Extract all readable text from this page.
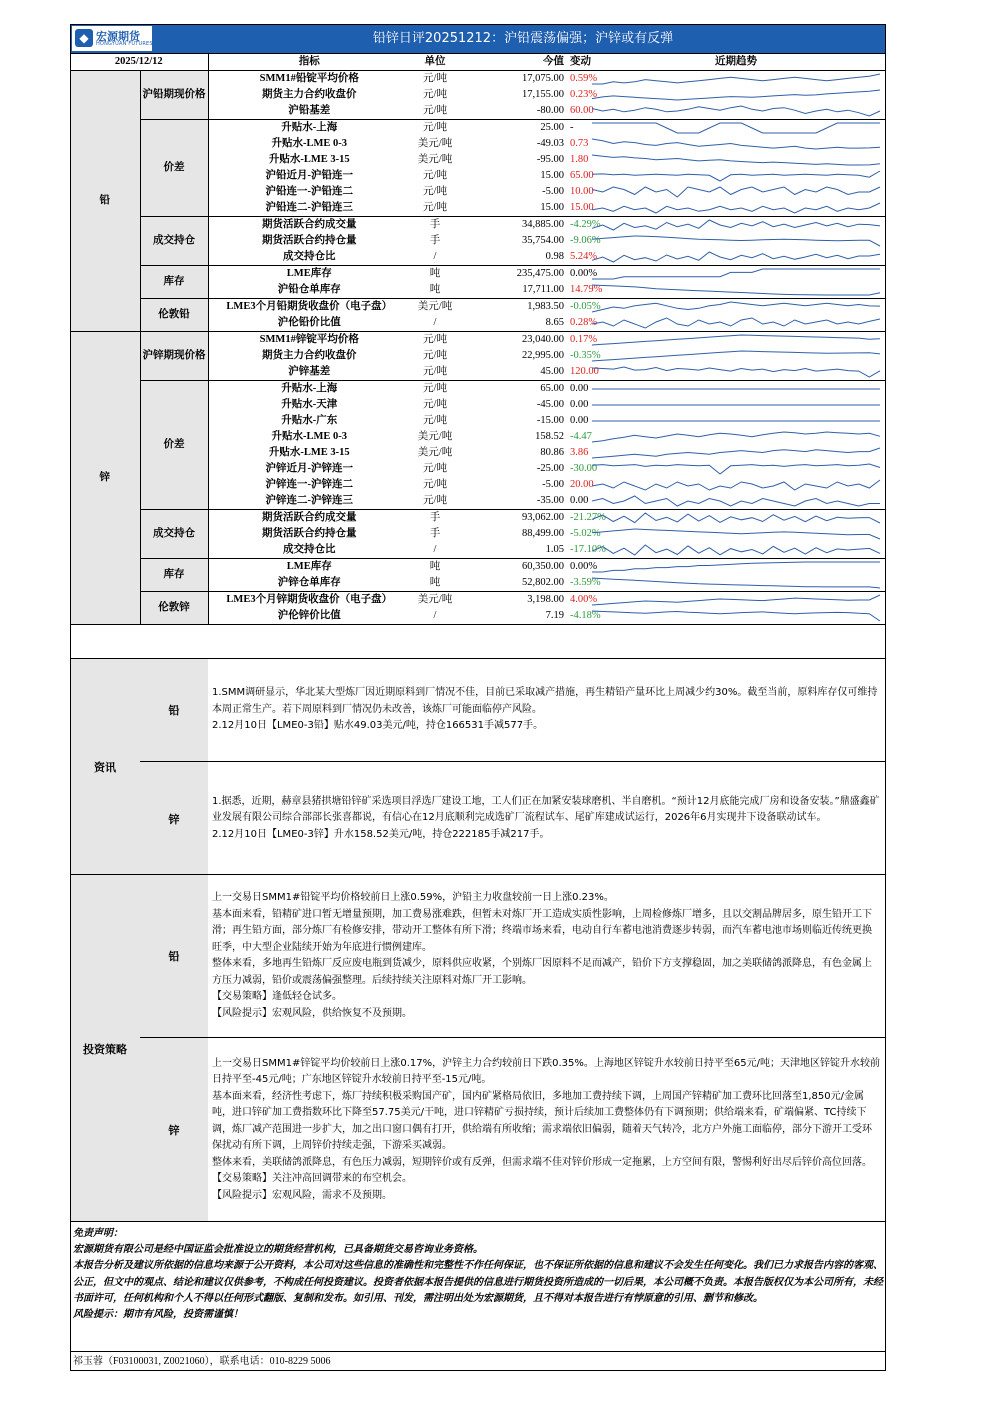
◆ 宏源期货
HONGYUAN FUTURES	铅锌日评20251212：沪铅震荡偏强；沪锌或有反弹
2025/12/12		指标	单位	今值	变动	近期趋势
铅	沪铅期现价格	SMM1#铅锭平均价格	元/吨	17,075.00	0.59%	

		期货主力合约收盘价	元/吨	17,155.00	0.23%	

		沪铅基差	元/吨	-80.00	60.00	

	价差	升贴水-上海	元/吨	25.00	-	

		升贴水-LME 0-3	美元/吨	-49.03	0.73	

		升贴水-LME 3-15	美元/吨	-95.00	1.80	

		沪铅近月-沪铅连一	元/吨	15.00	65.00	

		沪铅连一-沪铅连二	元/吨	-5.00	10.00	

		沪铅连二-沪铅连三	元/吨	15.00	15.00	

	成交持仓	期货活跃合约成交量	手	34,885.00	-4.29%	

		期货活跃合约持仓量	手	35,754.00	-9.06%	

		成交持仓比	/	0.98	5.24%	

	库存	LME库存	吨	235,475.00	0.00%	

		沪铅仓单库存	吨	17,711.00	14.79%	

	伦敦铅	LME3个月铅期货收盘价（电子盘）	美元/吨	1,983.50	-0.05%	

		沪伦铅价比值	/	8.65	0.28%	

锌	沪锌期现价格	SMM1#锌锭平均价格	元/吨	23,040.00	0.17%	

		期货主力合约收盘价	元/吨	22,995.00	-0.35%	

		沪锌基差	元/吨	45.00	120.00	

	价差	升贴水-上海	元/吨	65.00	0.00	

		升贴水-天津	元/吨	-45.00	0.00	

		升贴水-广东	元/吨	-15.00	0.00	

		升贴水-LME 0-3	美元/吨	158.52	-4.47	

		升贴水-LME 3-15	美元/吨	80.86	3.86	

		沪锌近月-沪锌连一	元/吨	-25.00	-30.00	

		沪锌连一-沪锌连二	元/吨	-5.00	20.00	

		沪锌连二-沪锌连三	元/吨	-35.00	0.00	

	成交持仓	期货活跃合约成交量	手	93,062.00	-21.27%	

		期货活跃合约持仓量	手	88,499.00	-5.02%	

		成交持仓比	/	1.05	-17.10%	

	库存	LME库存	吨	60,350.00	0.00%	

		沪锌仓单库存	吨	52,802.00	-3.59%	

	伦敦锌	LME3个月锌期货收盘价（电子盘）	美元/吨	3,198.00	4.00%	

		沪伦锌价比值	/	7.19	-4.18%	
资讯
铅

1.SMM调研显示，华北某大型炼厂因近期原料到厂情况不佳，目前已采取减产措施，再生精铅产量环比上周减少约30%。截至当前，原料库存仅可维持本周正常生产。若下周原料到厂情况仍未改善，该炼厂可能面临停产风险。

2.12月10日【LME0-3铅】贴水49.03美元/吨，持仓166531手减577手。

锌

1.据悉，近期，赫章县猪拱塘铅锌矿采选项目浮选厂建设工地，工人们正在加紧安装球磨机、半自磨机。“预计12月底能完成厂房和设备安装。”鼎盛鑫矿业发展有限公司综合部部长张喜都说，有信心在12月底顺利完成选矿厂流程试车、尾矿库建成试运行，2026年6月实现井下设备联动试车。

2.12月10日【LME0-3锌】升水158.52美元/吨，持仓222185手减217手。

投资策略
铅

上一交易日SMM1#铅锭平均价格较前日上涨0.59%，沪铅主力收盘较前一日上涨0.23%。

基本面来看，铅精矿进口暂无增量预期，加工费易涨难跌，但暂未对炼厂开工造成实质性影响，上周检修炼厂增多，且以交割品牌居多，原生铅开工下滑；再生铅方面，部分炼厂有检修安排，带动开工整体有所下滑；终端市场来看，电动自行车蓄电池消费逐步转弱，而汽车蓄电池市场则临近传统更换旺季，中大型企业陆续开始为年底进行惯例建库。

整体来看，多地再生铅炼厂反应废电瓶到货减少，原料供应收紧，个别炼厂因原料不足而减产，铅价下方支撑稳固，加之美联储鸽派降息，有色金属上方压力减弱，铅价或震荡偏强整理。后续持续关注原料对炼厂开工影响。

【交易策略】逢低轻仓试多。

【风险提示】宏观风险，供给恢复不及预期。

锌

上一交易日SMM1#锌锭平均价较前日上涨0.17%，沪锌主力合约较前日下跌0.35%。上海地区锌锭升水较前日持平至65元/吨；天津地区锌锭升水较前日持平至-45元/吨；广东地区锌锭升水较前日持平至-15元/吨。

基本面来看，经济性考虑下，炼厂持续积极采购国产矿，国内矿紧格局依旧，多地加工费持续下调，上周国产锌精矿加工费环比回落至1,850元/金属吨，进口锌矿加工费指数环比下降至57.75美元/干吨，进口锌精矿亏损持续，预计后续加工费整体仍有下调预期；供给端来看，矿端偏紧、TC持续下调，炼厂减产范围进一步扩大，加之出口窗口偶有打开，供给端有所收缩；需求端依旧偏弱，随着天气转冷，北方户外施工面临停，部分下游开工受环保扰动有所下调，上周锌价持续走强，下游采买减弱。

整体来看，美联储鸽派降息，有色压力减弱，短期锌价或有反弹，但需求端不佳对锌价形成一定拖累，上方空间有限，警惕利好出尽后锌价高位回落。

【交易策略】关注冲高回调带来的布空机会。

【风险提示】宏观风险，需求不及预期。

免责声明：

宏源期货有限公司是经中国证监会批准设立的期货经营机构，已具备期货交易咨询业务资格。

本报告分析及建议所依据的信息均来源于公开资料，本公司对这些信息的准确性和完整性不作任何保证，也不保证所依据的信息和建议不会发生任何变化。我们已力求报告内容的客观、公正，但文中的观点、结论和建议仅供参考，不构成任何投资建议。投资者依据本报告提供的信息进行期货投资所造成的一切后果，本公司概不负责。本报告版权仅为本公司所有，未经书面许可，任何机构和个人不得以任何形式翻版、复制和发布。如引用、刊发，需注明出处为宏源期货，且不得对本报告进行有悖原意的引用、删节和修改。

风险提示：期市有风险，投资需谨慎！

祁玉蓉（F03100031, Z0021060），联系电话：010-8229 5006
